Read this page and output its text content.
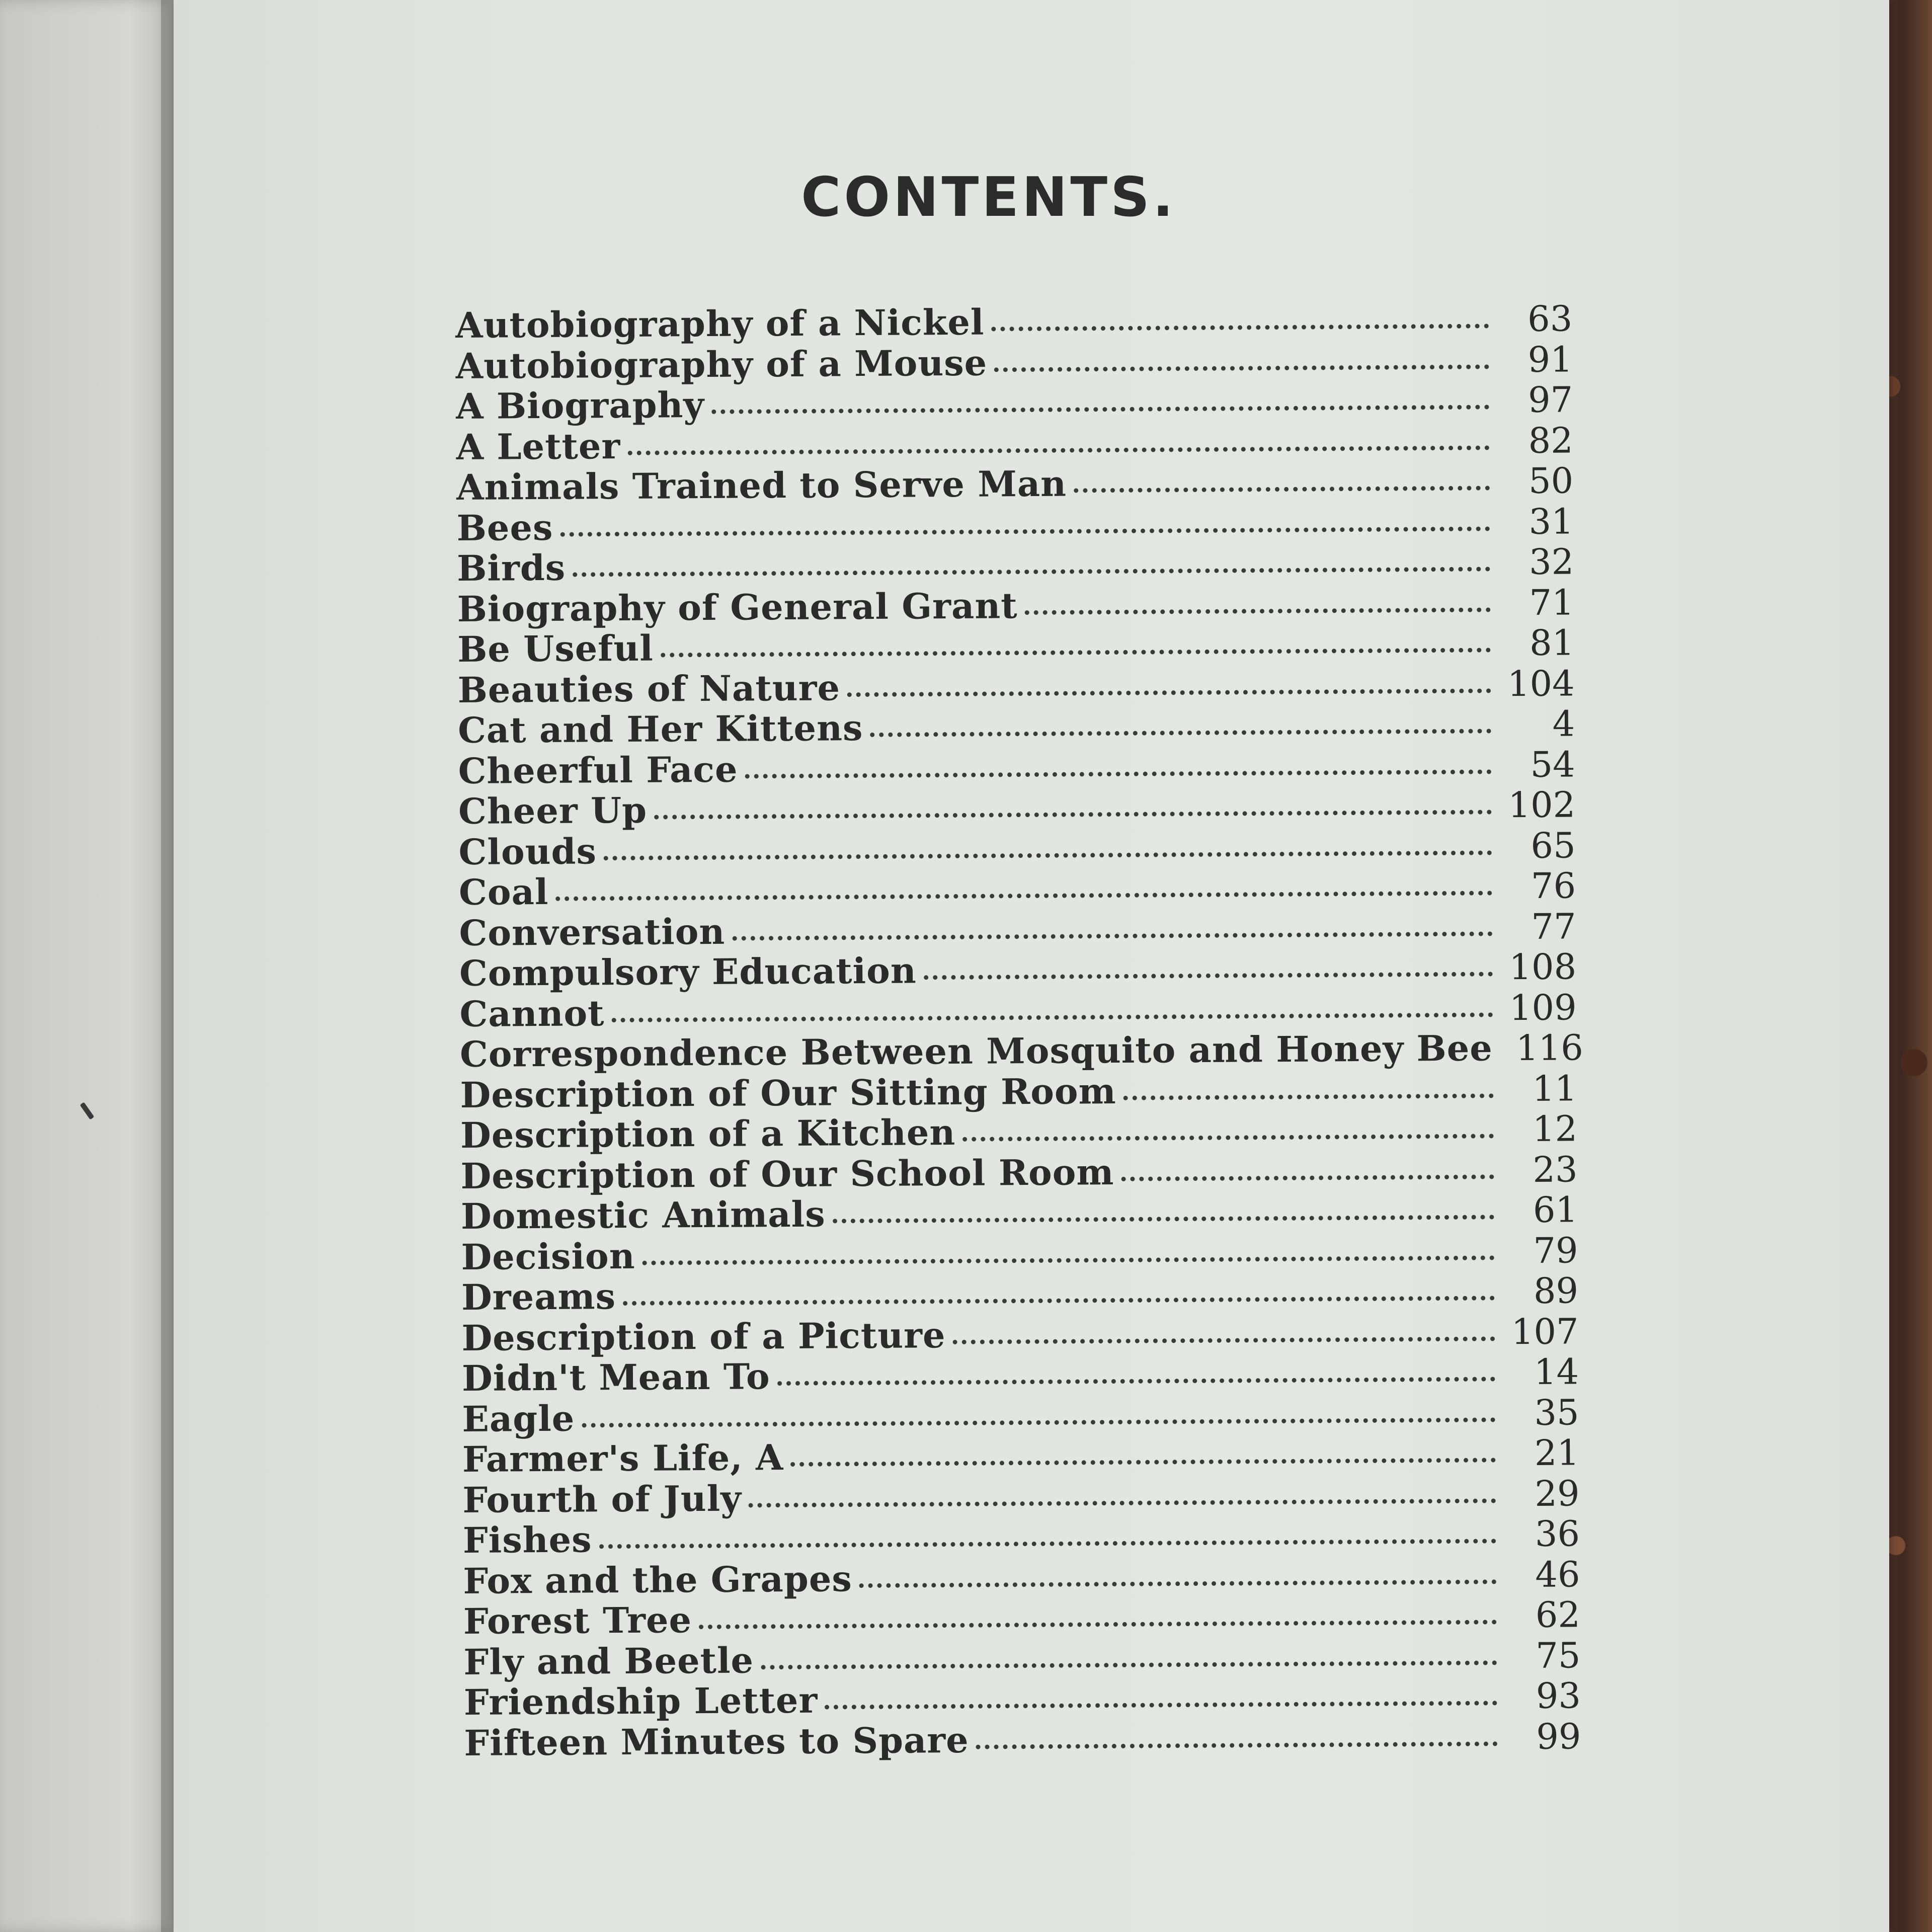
CONTENTS.
Autobiography of a Nickel	63
Autobiography of a Mouse	91
A Biography	97
A Letter	82
Animals Trained to Serve Man	50
Bees	31
Birds	32
Biography of General Grant	71
Be Useful	81
Beauties of Nature	104
Cat and Her Kittens	4
Cheerful Face	54
Cheer Up	102
Clouds	65
Coal	76
Conversation	77
Compulsory Education	108
Cannot	109
Correspondence Between Mosquito and Honey Bee 116
Description of Our Sitting Room	11
Description of a Kitchen	12
Description of Our School Room	23
Domestic Animals	61
Decision	79
Dreams	89
Description of a Picture	107
Didn't Mean To	14
Eagle	35
Farmer's Life, A	21
Fourth of July	29
Fishes	36
Fox and the Grapes	46
Forest Tree	62
Fly and Beetle	75
Friendship Letter	93
Fifteen Minutes to Spare	99
